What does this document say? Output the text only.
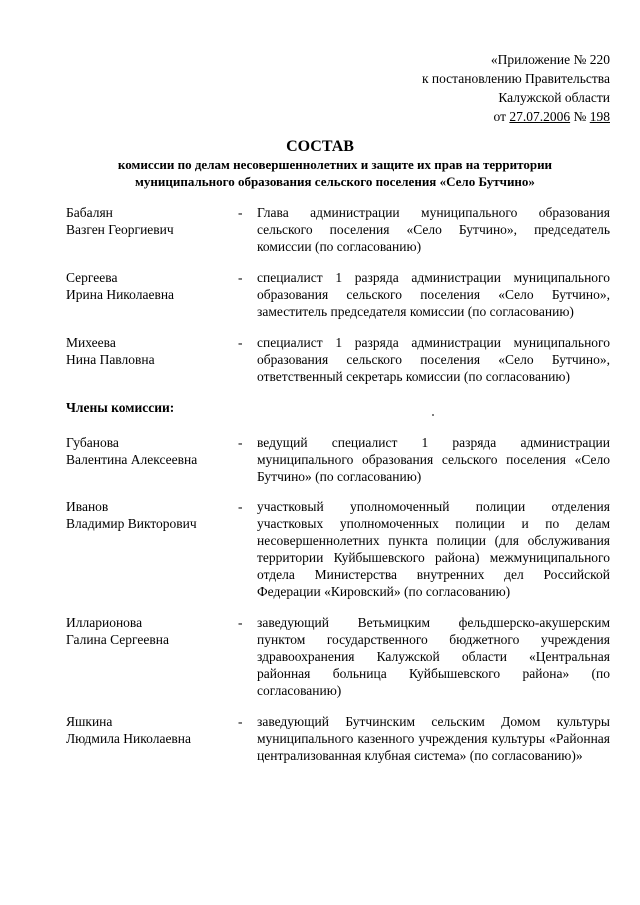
«Приложение № 220
к постановлению Правительства
Калужской области
от 27.07.2006 № 198
СОСТАВ
комиссии по делам несовершеннолетних и защите их прав на территории муниципального образования сельского поселения «Село Бутчино»
Бабалян
Вазген Георгиевич
- Глава администрации муниципального образования сельского поселения «Село Бутчино», председатель комиссии (по согласованию)
Сергеева
Ирина Николаевна
- специалист 1 разряда администрации муниципального образования сельского поселения «Село Бутчино», заместитель председателя комиссии (по согласованию)
Михеева
Нина Павловна
- специалист 1 разряда администрации муниципального образования сельского поселения «Село Бутчино», ответственный секретарь комиссии (по согласованию)
Члены комиссии:
Губанова
Валентина Алексеевна
- ведущий специалист 1 разряда администрации муниципального образования сельского поселения «Село Бутчино» (по согласованию)
Иванов
Владимир Викторович
- участковый уполномоченный полиции отделения участковых уполномоченных полиции и по делам несовершеннолетних пункта полиции (для обслуживания территории Куйбышевского района) межмуниципального отдела Министерства внутренних дел Российской Федерации «Кировский» (по согласованию)
Илларионова
Галина Сергеевна
- заведующий Ветьмицким фельдшерско-акушерским пунктом государственного бюджетного учреждения здравоохранения Калужской области «Центральная районная больница Куйбышевского района» (по согласованию)
Яшкина
Людмила Николаевна
- заведующий Бутчинским сельским Домом культуры муниципального казенного учреждения культуры «Районная централизованная клубная система» (по согласованию)»
